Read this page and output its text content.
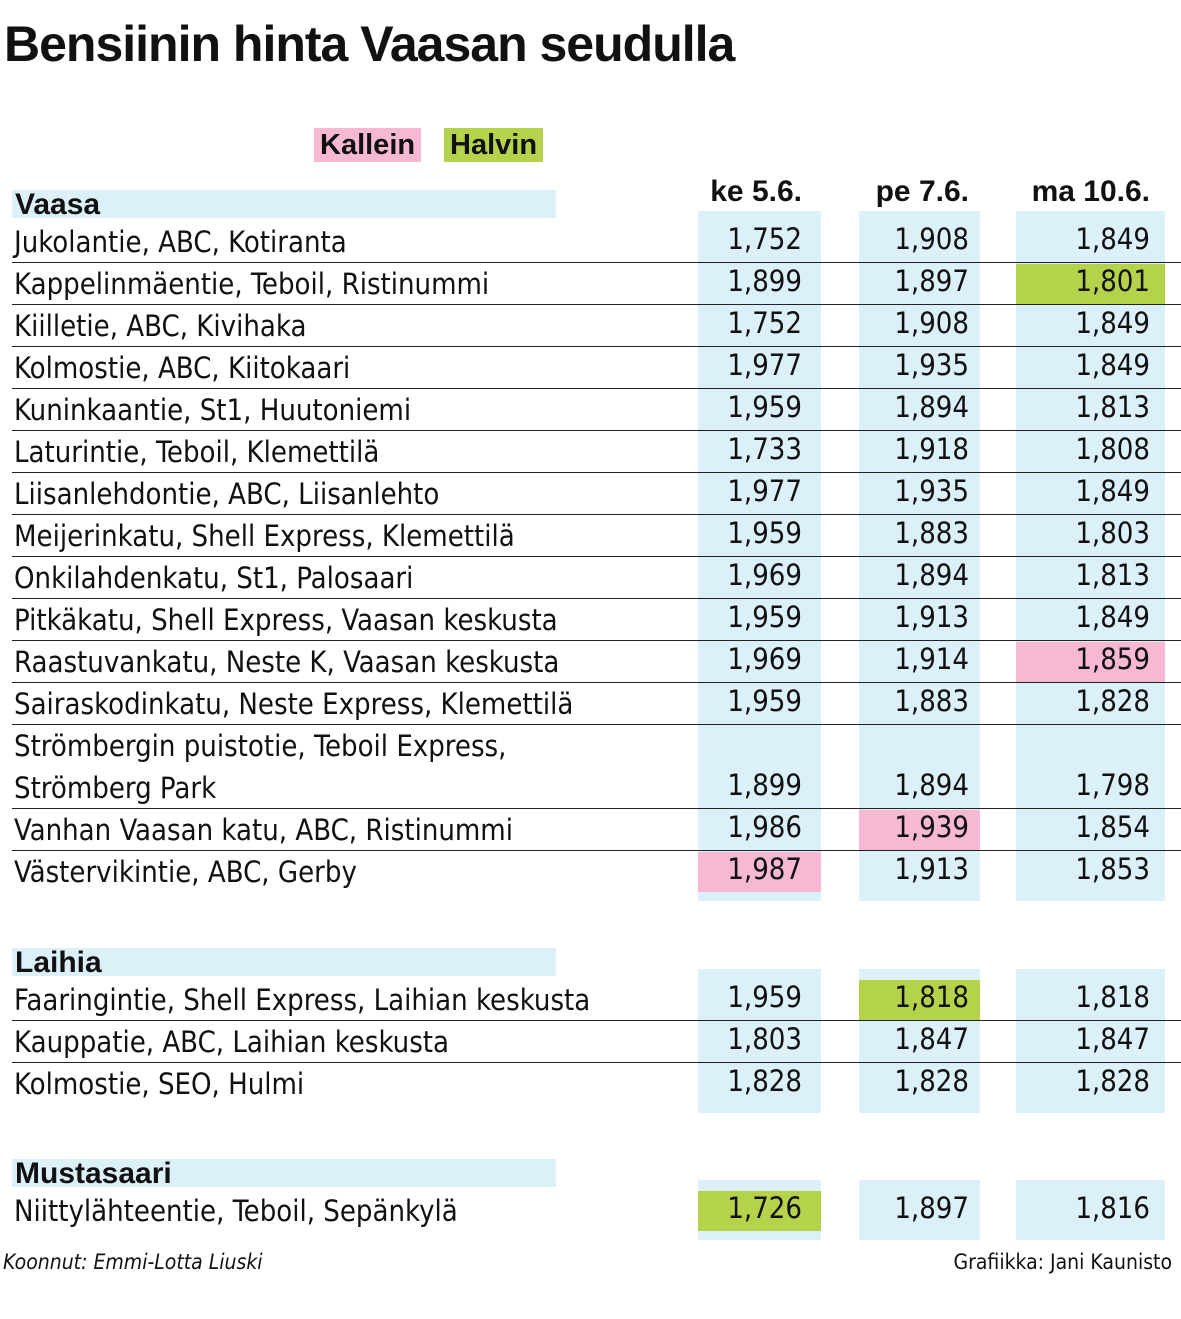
Bensiinin hinta Vaasan seudulla
Kallein Halvin
ke 5.6.	pe 7.6.	ma 10.6.
Vaasa
Jukolantie, ABC, Kotiranta	1,752	1,908	1,849
Kappelinmäentie, Teboil, Ristinummi	1,899	1,897	1,801
Kiilletie, ABC, Kivihaka	1,752	1,908	1,849
Kolmostie, ABC, Kiitokaari	1,977	1,935	1,849
Kuninkaantie, St1, Huutoniemi	1,959	1,894	1,813
Laturintie, Teboil, Klemettilä	1,733	1,918	1,808
Liisanlehdontie, ABC, Liisanlehto	1,977	1,935	1,849
Meijerinkatu, Shell Express, Klemettilä	1,959	1,883	1,803
Onkilahdenkatu, St1, Palosaari	1,969	1,894	1,813
Pitkäkatu, Shell Express, Vaasan keskusta	1,959	1,913	1,849
Raastuvankatu, Neste K, Vaasan keskusta	1,969	1,914	1,859
Sairaskodinkatu, Neste Express, Klemettilä	1,959	1,883	1,828
Strömbergin puistotie, Teboil Express,
Strömberg Park	1,899	1,894	1,798
Vanhan Vaasan katu, ABC, Ristinummi	1,986	1,939	1,854
Västervikintie, ABC, Gerby	1,987	1,913	1,853
Laihia
Faaringintie, Shell Express, Laihian keskusta	1,959	1,818	1,818
Kauppatie, ABC, Laihian keskusta	1,803	1,847	1,847
Kolmostie, SEO, Hulmi	1,828	1,828	1,828
Mustasaari
Niittylähteentie, Teboil, Sepänkylä	1,726	1,897	1,816
Koonnut: Emmi-Lotta Liuski	Grafiikka: Jani Kaunisto
